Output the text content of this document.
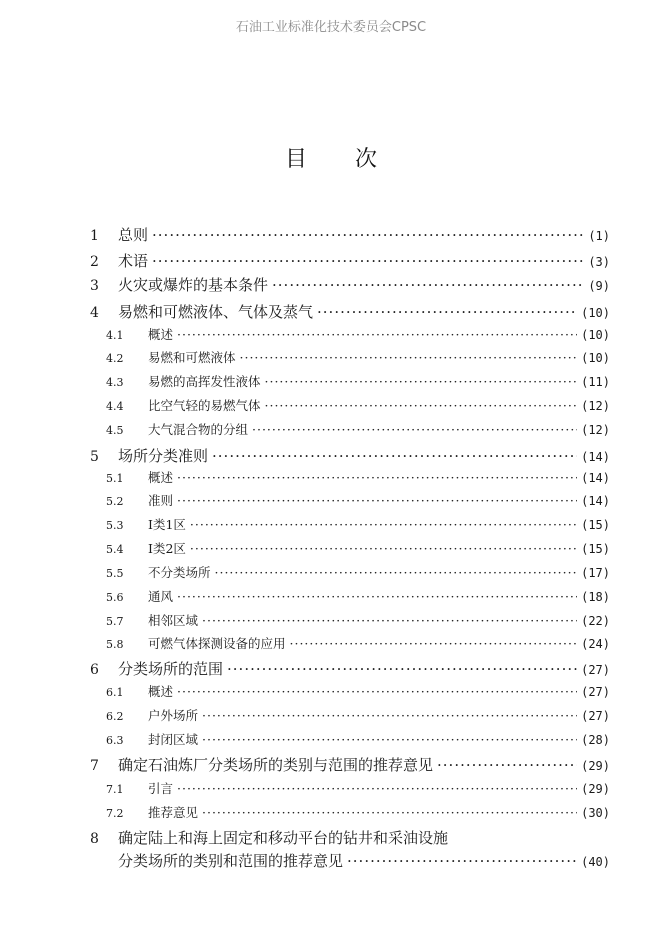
石油工业标准化技术委员会CPSC
目次
1	总则 ·····	(1)
2	术语 ·····	(3)
3	火灾或爆炸的基本条件 ·····	(9)
4	易燃和可燃液体、气体及蒸气 ·····	(10)
4.1	概述 ·····	(10)
4.2	易燃和可燃液体 ·····	(10)
4.3	易燃的高挥发性液体 ·····	(11)
4.4	比空气轻的易燃气体 ·····	(12)
4.5	大气混合物的分组 ·····	(12)
5	场所分类准则 ·····	(14)
5.1	概述 ·····	(14)
5.2	准则 ·····	(14)
5.3	Ⅰ类1区 ·····	(15)
5.4	Ⅰ类2区 ·····	(15)
5.5	不分类场所 ·····	(17)
5.6	通风 ·····	(18)
5.7	相邻区域 ·····	(22)
5.8	可燃气体探测设备的应用 ·····	(24)
6	分类场所的范围 ·····	(27)
6.1	概述 ·····	(27)
6.2	户外场所 ·····	(27)
6.3	封闭区域 ·····	(28)
7	确定石油炼厂分类场所的类别与范围的推荐意见 ·····	(29)
7.1	引言 ·····	(29)
7.2	推荐意见 ·····	(30)
8	确定陆上和海上固定和移动平台的钻井和采油设施
分类场所的类别和范围的推荐意见 ·····	(40)
